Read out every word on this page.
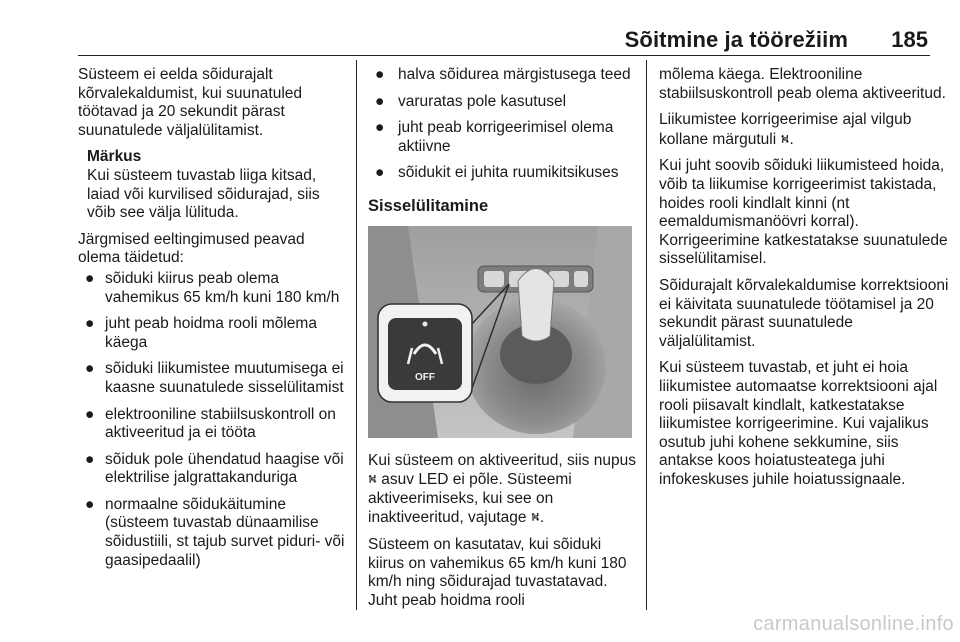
Sõitmine ja töörežiim 185

Süsteem ei eelda sõidurajalt kõrvalekaldumist, kui suunatuled töötavad ja 20 sekundit pärast suunatulede väljalülitamist.

Märkus
Kui süsteem tuvastab liiga kitsad, laiad või kurvilised sõidurajad, siis võib see välja lülituda.

Järgmised eeltingimused peavad olema täidetud:

● sõiduki kiirus peab olema vahemikus 65 km/h kuni 180 km/h
● juht peab hoidma rooli mõlema käega
● sõiduki liikumistee muutumisega ei kaasne suunatulede sisselülitamist
● elektrooniline stabiilsuskontroll on aktiveeritud ja ei tööta
● sõiduk pole ühendatud haagise või elektrilise jalgrattakanduriga
● normaalne sõidukäitumine (süsteem tuvastab dünaamilise sõidustiili, st tajub survet piduri- või gaasipedaalil)
● halva sõidurea märgistusega teed
● varuratas pole kasutusel
● juht peab korrigeerimisel olema aktiivne
● sõidukit ei juhita ruumikitsikuses
Sisselülitamine
OFF

Kui süsteem on aktiveeritud, siis nupus ⛕ asuv LED ei põle. Süsteemi aktiveerimiseks, kui see on inaktiveeritud, vajutage ⛕.

Süsteem on kasutatav, kui sõiduki kiirus on vahemikus 65 km/h kuni 180 km/h ning sõidurajad tuvastatavad. Juht peab hoidma rooli

mõlema käega. Elektrooniline stabiilsuskontroll peab olema aktiveeritud.

Liikumistee korrigeerimise ajal vilgub kollane märgutuli ⛕.

Kui juht soovib sõiduki liikumisteed hoida, võib ta liikumise korrigeerimist takistada, hoides rooli kindlalt kinni (nt eemaldumismanöövri korral). Korrigeerimine katkestatakse suunatulede sisselülitamisel.

Sõidurajalt kõrvalekaldumise korrektsiooni ei käivitata suunatulede töötamisel ja 20 sekundit pärast suunatulede väljalülitamist.

Kui süsteem tuvastab, et juht ei hoia liikumistee automaatse korrektsiooni ajal rooli piisavalt kindlalt, katkestatakse liikumistee korrigeerimine. Kui vajalikus osutub juhi kohene sekkumine, siis antakse koos hoiatusteatega juhi infokeskuses juhile hoiatussignaale.

carmanualsonline.info
